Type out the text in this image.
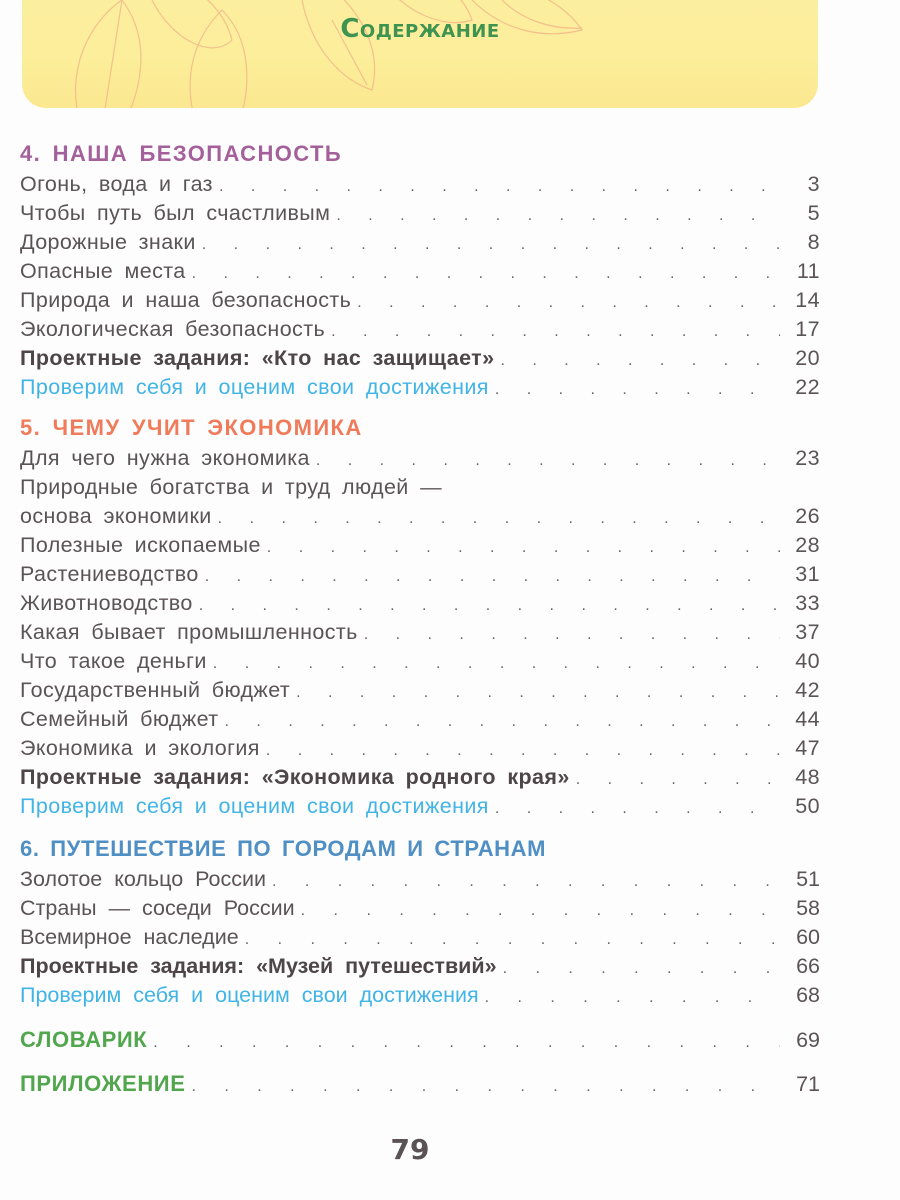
Содержание
4. НАША БЕЗОПАСНОСТЬ
Огонь, вода и газ . . .	3
Чтобы путь был счастливым . . .	5
Дорожные знаки . . .	8
Опасные места . . .	11
Природа и наша безопасность . . .	14
Экологическая безопасность . . .	17
Проектные задания: «Кто нас защищает» . . .	20
Проверим себя и оценим свои достижения . . .	22
5. ЧЕМУ УЧИТ ЭКОНОМИКА
Для чего нужна экономика . . .	23
Природные богатства и труд людей —
основа экономики . . .	26
Полезные ископаемые . . .	28
Растениеводство . . .	31
Животноводство . . .	33
Какая бывает промышленность . . .	37
Что такое деньги . . .	40
Государственный бюджет . . .	42
Семейный бюджет . . .	44
Экономика и экология . . .	47
Проектные задания: «Экономика родного края» . . .	48
Проверим себя и оценим свои достижения . . .	50
6. ПУТЕШЕСТВИЕ ПО ГОРОДАМ И СТРАНАМ
Золотое кольцо России . . .	51
Страны — соседи России . . .	58
Всемирное наследие . . .	60
Проектные задания: «Музей путешествий» . . .	66
Проверим себя и оценим свои достижения . . .	68
СЛОВАРИК . . .	69
ПРИЛОЖЕНИЕ . . .	71
79
